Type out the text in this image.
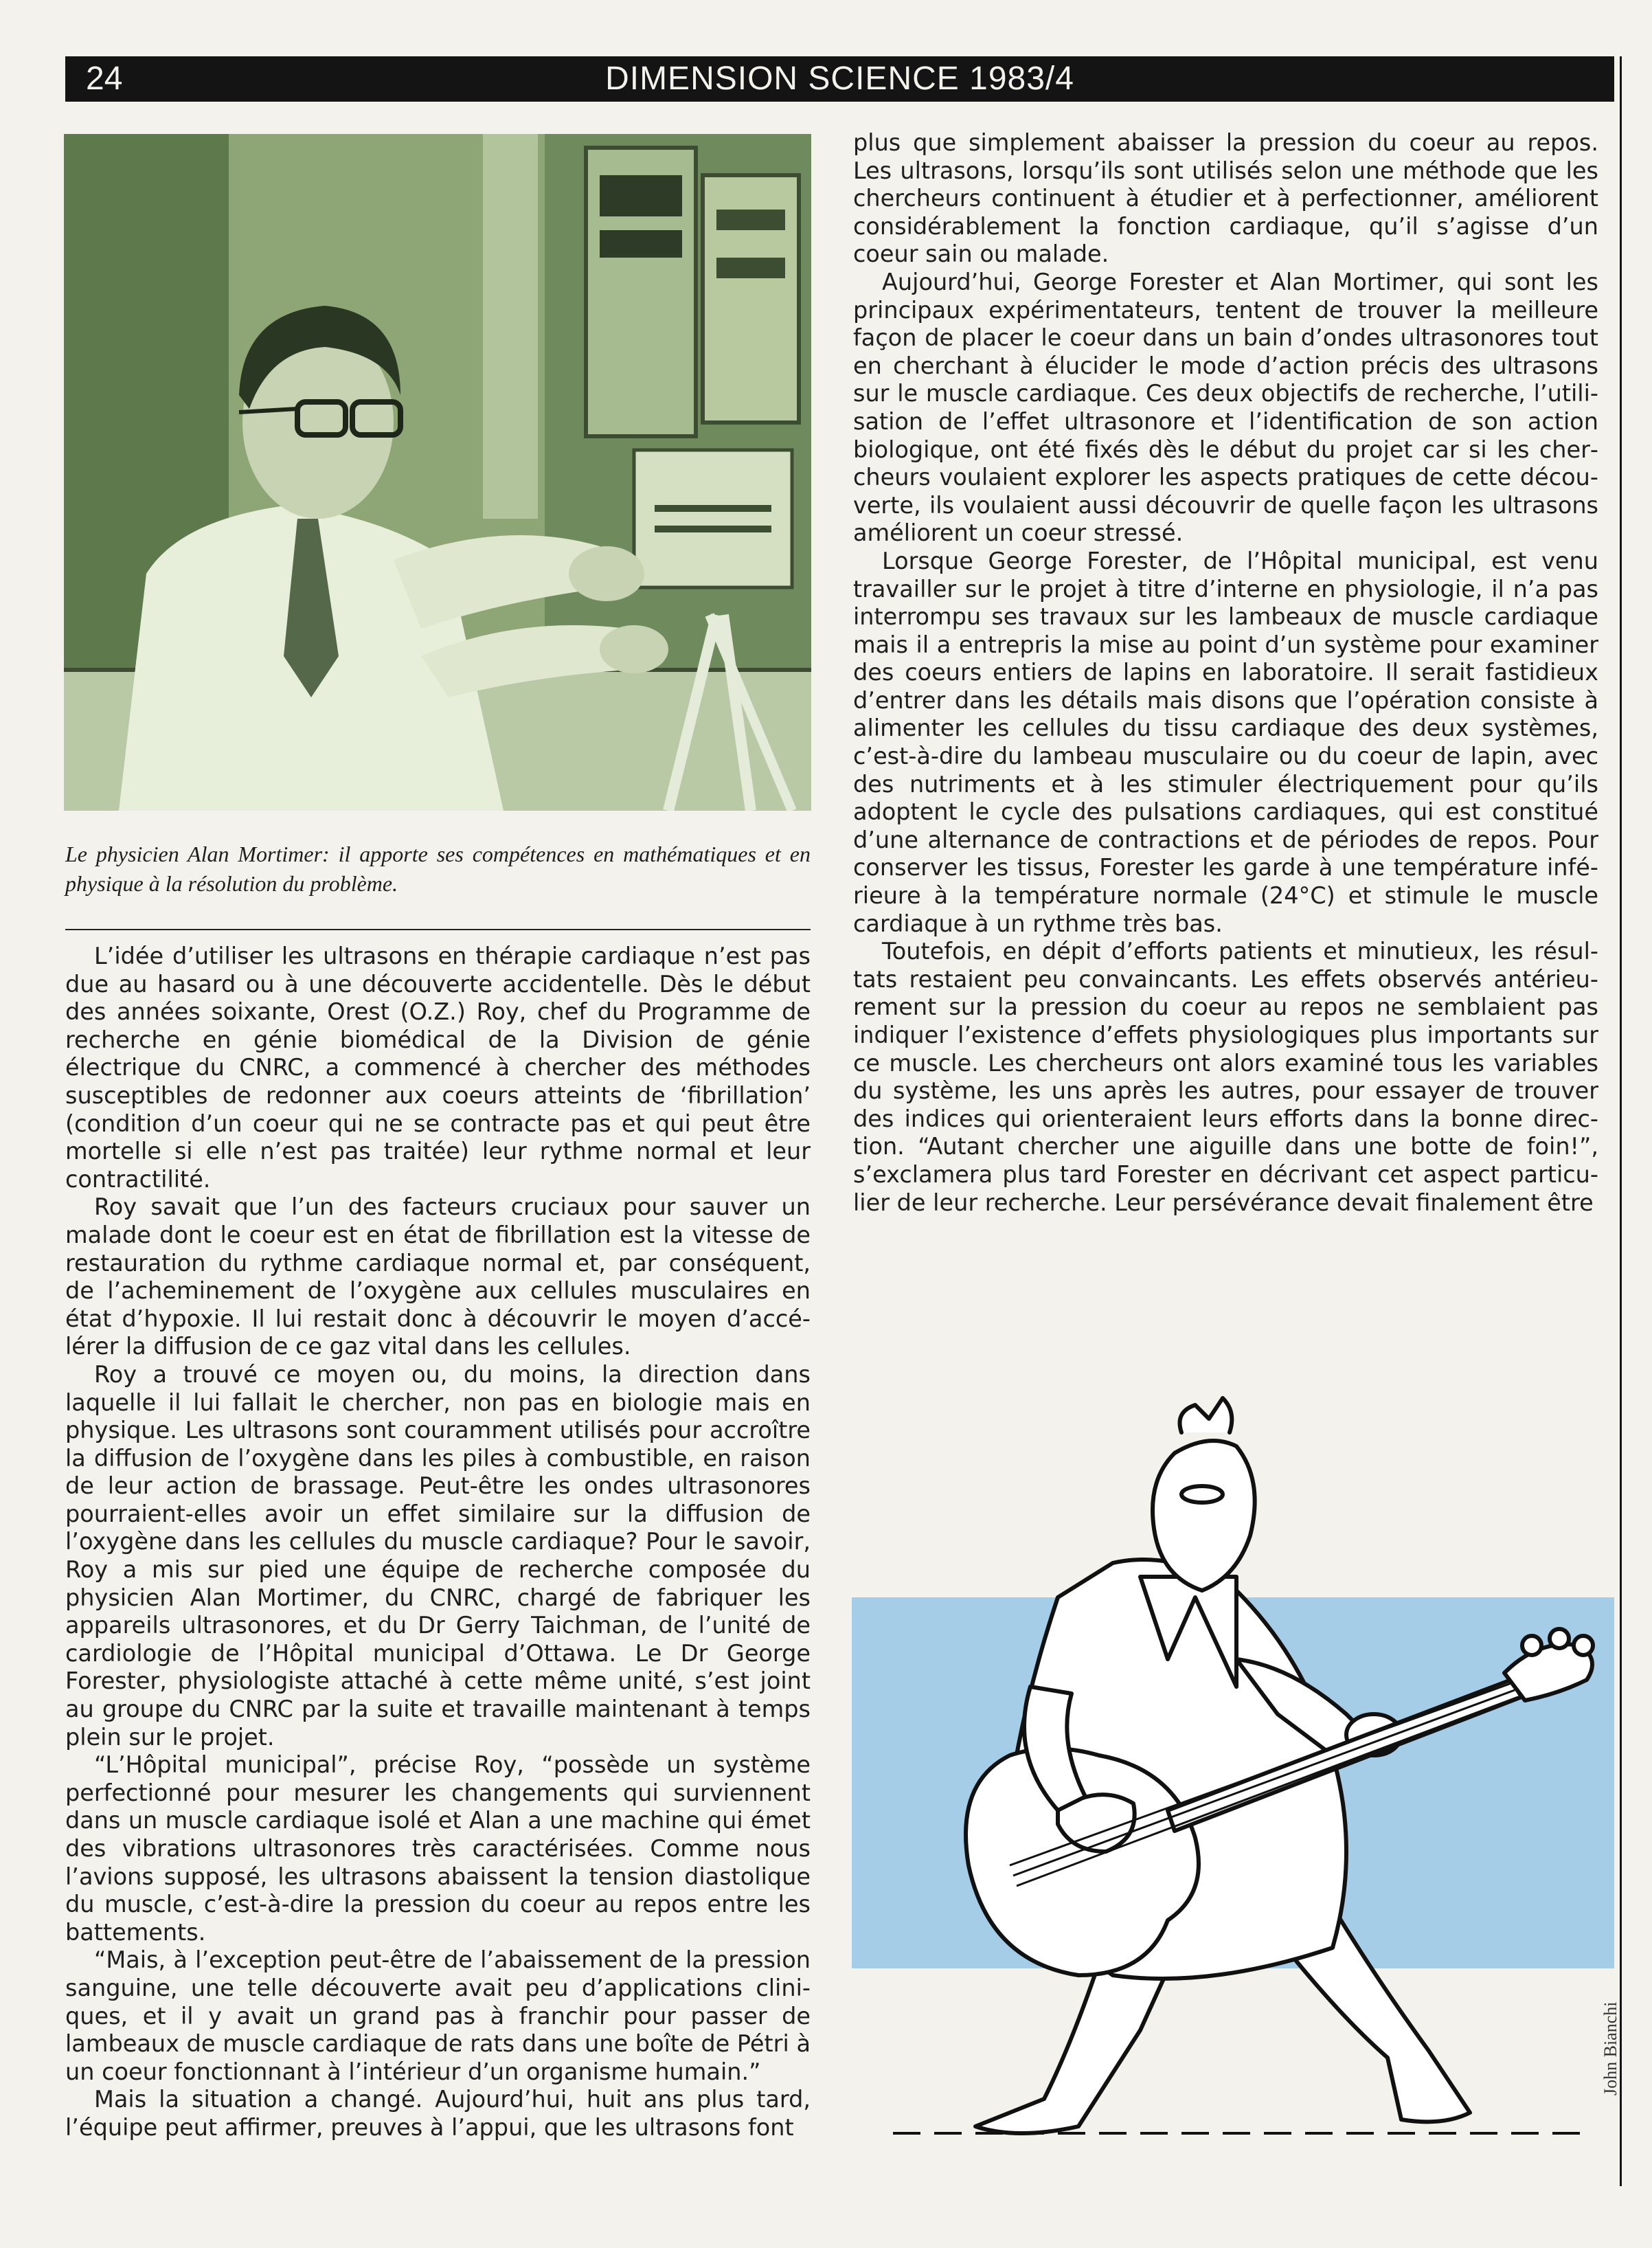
24	DIMENSION SCIENCE 1983/4
Le physicien Alan Mortimer: il apporte ses compétences en mathématiques et en physique à la résolution du problème.

L’idée d’utiliser les ultrasons en thérapie cardiaque n’est pas due au hasard ou à une découverte accidentelle. Dès le début des années soixante, Orest (O.Z.) Roy, chef du Programme de recherche en génie biomédical de la Division de génie électrique du CNRC, a commencé à chercher des méthodes susceptibles de redonner aux coeurs atteints de ‘fibrillation’ (condition d’un coeur qui ne se contracte pas et qui peut être mortelle si elle n’est pas traitée) leur rythme normal et leur contractilité.

Roy savait que l’un des facteurs cruciaux pour sauver un malade dont le coeur est en état de fibrillation est la vitesse de restauration du rythme cardiaque normal et, par conséquent, de l’acheminement de l’oxygène aux cellules musculaires en état d’hypoxie. Il lui restait donc à découvrir le moyen d’accélérer la diffusion de ce gaz vital dans les cellules.

Roy a trouvé ce moyen ou, du moins, la direction dans laquelle il lui fallait le chercher, non pas en biologie mais en physique. Les ultrasons sont couramment utilisés pour accroître la diffusion de l’oxygène dans les piles à combustible, en raison de leur action de brassage. Peut-être les ondes ultrasonores pourraient-elles avoir un effet similaire sur la diffusion de l’oxygène dans les cellules du muscle cardiaque? Pour le savoir, Roy a mis sur pied une équipe de recherche composée du physicien Alan Mortimer, du CNRC, chargé de fabriquer les appareils ultrasonores, et du Dr Gerry Taichman, de l’unité de cardiologie de l’Hôpital municipal d’Ottawa. Le Dr George Forester, physiologiste attaché à cette même unité, s’est joint au groupe du CNRC par la suite et travaille maintenant à temps plein sur le projet.

“L’Hôpital municipal”, précise Roy, “possède un système perfectionné pour mesurer les changements qui surviennent dans un muscle cardiaque isolé et Alan a une machine qui émet des vibrations ultrasonores très caractérisées. Comme nous l’avions supposé, les ultrasons abaissent la tension diastolique du muscle, c’est-à-dire la pression du coeur au repos entre les battements.

“Mais, à l’exception peut-être de l’abaissement de la pression sanguine, une telle découverte avait peu d’applications cliniques, et il y avait un grand pas à franchir pour passer de lambeaux de muscle cardiaque de rats dans une boîte de Pétri à un coeur fonctionnant à l’intérieur d’un organisme humain.”

Mais la situation a changé. Aujourd’hui, huit ans plus tard, l’équipe peut affirmer, preuves à l’appui, que les ultrasons font

plus que simplement abaisser la pression du coeur au repos. Les ultrasons, lorsqu’ils sont utilisés selon une méthode que les chercheurs continuent à étudier et à perfectionner, améliorent considérablement la fonction cardiaque, qu’il s’agisse d’un coeur sain ou malade.

Aujourd’hui, George Forester et Alan Mortimer, qui sont les principaux expérimentateurs, tentent de trouver la meilleure façon de placer le coeur dans un bain d’ondes ultrasonores tout en cherchant à élucider le mode d’action précis des ultrasons sur le muscle cardiaque. Ces deux objectifs de recherche, l’utilisation de l’effet ultrasonore et l’identification de son action biologique, ont été fixés dès le début du projet car si les chercheurs voulaient explorer les aspects pratiques de cette découverte, ils voulaient aussi découvrir de quelle façon les ultrasons améliorent un coeur stressé.

Lorsque George Forester, de l’Hôpital municipal, est venu travailler sur le projet à titre d’interne en physiologie, il n’a pas interrompu ses travaux sur les lambeaux de muscle cardiaque mais il a entrepris la mise au point d’un système pour examiner des coeurs entiers de lapins en laboratoire. Il serait fastidieux d’entrer dans les détails mais disons que l’opération consiste à alimenter les cellules du tissu cardiaque des deux systèmes, c’est-à-dire du lambeau musculaire ou du coeur de lapin, avec des nutriments et à les stimuler électriquement pour qu’ils adoptent le cycle des pulsations cardiaques, qui est constitué d’une alternance de contractions et de périodes de repos. Pour conserver les tissus, Forester les garde à une température inférieure à la température normale (24°C) et stimule le muscle cardiaque à un rythme très bas.

Toutefois, en dépit d’efforts patients et minutieux, les résultats restaient peu convaincants. Les effets observés antérieurement sur la pression du coeur au repos ne semblaient pas indiquer l’existence d’effets physiologiques plus importants sur ce muscle. Les chercheurs ont alors examiné tous les variables du système, les uns après les autres, pour essayer de trouver des indices qui orienteraient leurs efforts dans la bonne direction. “Autant chercher une aiguille dans une botte de foin!”, s’exclamera plus tard Forester en décrivant cet aspect particulier de leur recherche. Leur persévérance devait finalement être

John Bianchi
